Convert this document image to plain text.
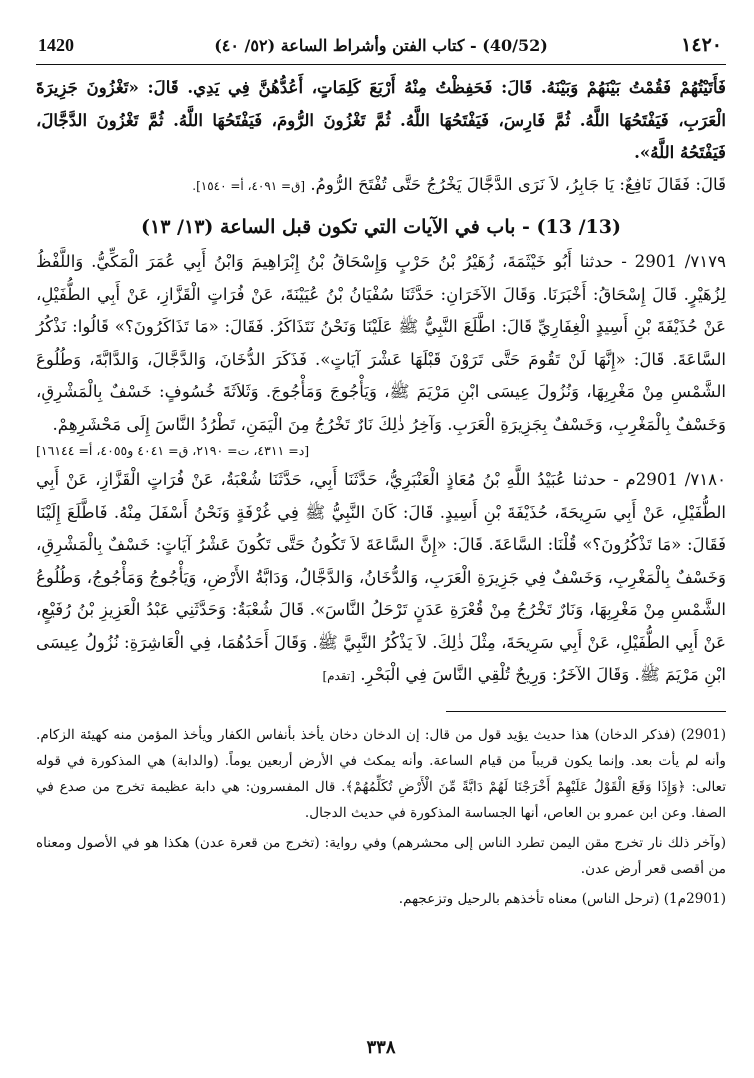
١٤٢٠
(40/52) - كتاب الفتن وأشراط الساعة (٥٢/ ٤٠)
1420

فَأَتَيْتُهُمْ فَقُمْتُ بَيْنَهُمْ وَبَيْنَهُ. قَالَ: فَحَفِظْتُ مِنْهُ أَرْبَعَ كَلِمَاتٍ، أَعُدُّهُنَّ فِي يَدِي. قَالَ: «تَغْزُونَ جَزِيرَةَ الْعَرَبِ، فَيَفْتَحُهَا اللَّهُ. ثُمَّ فَارِسَ، فَيَفْتَحُهَا اللَّهُ. ثُمَّ تَغْزُونَ الرُّومَ، فَيَفْتَحُهَا اللَّهُ. ثُمَّ تَغْزُونَ الدَّجَّالَ، فَيَفْتَحُهُ اللَّهُ».

قَالَ: فَقَالَ نَافِعٌ: يَا جَابِرُ، لاَ نَرَى الدَّجَّالَ يَخْرُجُ حَتَّى تُفْتَحَ الرُّومُ. [ق= ٤٠٩١، أ= ١٥٤٠].

(13/ 13) - باب في الآيات التي تكون قبل الساعة (١٣/ ١٣)

٧١٧٩/ 2901 - حدثنا أَبُو خَيْثَمَةَ، زُهَيْرُ بْنُ حَرْبٍ وَإِسْحَاقُ بْنُ إِبْرَاهِيمَ وَابْنُ أَبِي عُمَرَ الْمَكِّيُّ. وَاللَّفْظُ لِزُهَيْرٍ. قَالَ إِسْحَاقُ: أَخْبَرَنَا. وَقَالَ الآخَرَانِ: حَدَّثَنَا سُفْيَانُ بْنُ عُيَيْنَةَ، عَنْ فُرَاتٍ الْقَزَّازِ، عَنْ أَبِي الطُّفَيْلِ، عَنْ حُذَيْفَةَ بْنِ أَسِيدٍ الْغِفَارِيِّ قَالَ: اطَّلَعَ النَّبِيُّ ﷺ عَلَيْنَا وَنَحْنُ نَتَذَاكَرُ. فَقَالَ: «مَا تَذَاكَرُونَ؟» قَالُوا: نَذْكُرُ السَّاعَةَ. قَالَ: «إِنَّهَا لَنْ تَقُومَ حَتَّى تَرَوْنَ قَبْلَهَا عَشْرَ آيَاتٍ». فَذَكَرَ الدُّخَانَ، وَالدَّجَّالَ، وَالدَّابَّةَ، وَطُلُوعَ الشَّمْسِ مِنْ مَغْرِبِهَا، وَنُزُولَ عِيسَى ابْنِ مَرْيَمَ ﷺ، وَيَأْجُوجَ وَمَأْجُوجَ. وَثَلاَثَةَ خُسُوفٍ: خَسْفٌ بِالْمَشْرِقِ، وَخَسْفٌ بِالْمَغْرِبِ، وَخَسْفٌ بِجَزِيرَةِ الْعَرَبِ. وَآخِرُ ذٰلِكَ نَارٌ تَخْرُجُ مِنَ الْيَمَنِ، تَطْرُدُ النَّاسَ إِلَى مَحْشَرِهِمْ.

[د= ٤٣١١، ت= ٢١٩٠، ق= ٤٠٤١ و٤٠٥٥، أ= ١٦١٤٤]

٧١٨٠/ 2901م - حدثنا عُبَيْدُ اللَّهِ بْنُ مُعَاذٍ الْعَنْبَرِيُّ، حَدَّثَنَا أَبِي، حَدَّثَنَا شُعْبَةُ، عَنْ فُرَاتٍ الْقَزَّازِ، عَنْ أَبِي الطُّفَيْلِ، عَنْ أَبِي سَرِيحَةَ، حُذَيْفَةَ بْنِ أَسِيدٍ. قَالَ: كَانَ النَّبِيُّ ﷺ فِي غُرْفَةٍ وَنَحْنُ أَسْفَلَ مِنْهُ. فَاطَّلَعَ إِلَيْنَا فَقَالَ: «مَا تَذْكُرُونَ؟» قُلْنَا: السَّاعَةَ. قَالَ: «إِنَّ السَّاعَةَ لاَ تَكُونُ حَتَّى تَكُونَ عَشْرُ آيَاتٍ: خَسْفٌ بِالْمَشْرِقِ، وَخَسْفٌ بِالْمَغْرِبِ، وَخَسْفٌ فِي جَزِيرَةِ الْعَرَبِ، وَالدُّخَانُ، وَالدَّجَّالُ، وَدَابَّةُ الأَرْضِ، وَيَأْجُوجُ وَمَأْجُوجُ، وَطُلُوعُ الشَّمْسِ مِنْ مَغْرِبِهَا، وَنَارٌ تَخْرُجُ مِنْ قُعْرَةِ عَدَنٍ تَرْحَلُ النَّاسَ». قَالَ شُعْبَةُ: وَحَدَّثَنِي عَبْدُ الْعَزِيزِ بْنُ رُفَيْعٍ، عَنْ أَبِي الطُّفَيْلِ، عَنْ أَبِي سَرِيحَةَ، مِثْلَ ذٰلِكَ. لاَ يَذْكُرُ النَّبِيَّ ﷺ. وَقَالَ أَحَدُهُمَا، فِي الْعَاشِرَةِ: نُزُولُ عِيسَى ابْنِ مَرْيَمَ ﷺ. وَقَالَ الآخَرُ: وَرِيحٌ تُلْقِي النَّاسَ فِي الْبَحْرِ. [تقدم]

(2901) (فذكر الدخان) هذا حديث يؤيد قول من قال: إن الدخان دخان يأخذ بأنفاس الكفار ويأخذ المؤمن منه كهيئة الزكام. وأنه لم يأت بعد. وإنما يكون قريباً من قيام الساعة. وأنه يمكث في الأرض أربعين يوماً. (والدابة) هي المذكورة في قوله تعالى: ﴿وَإِذَا وَقَعَ الْقَوْلُ عَلَيْهِمْ أَخْرَجْنَا لَهُمْ دَابَّةً مِّنَ الْأَرْضِ تُكَلِّمُهُمْ﴾. قال المفسرون: هي دابة عظيمة تخرج من صدع في الصفا. وعن ابن عمرو بن العاص، أنها الجساسة المذكورة في حديث الدجال.

(وآخر ذلك نار تخرج مقن اليمن تطرد الناس إلى محشرهم) وفي رواية: (تخرج من قعرة عدن) هكذا هو في الأصول ومعناه من أقصى قعر أرض عدن.

(2901م1) (ترحل الناس) معناه تأخذهم بالرحيل وتزعجهم.

٣٣٨
